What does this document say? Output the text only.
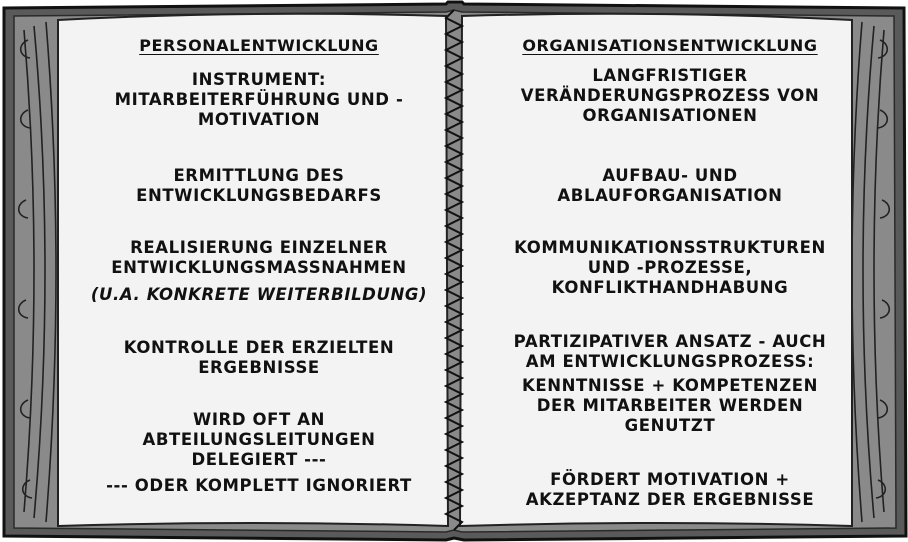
PERSONALENTWICKLUNG
INSTRUMENT:
MITARBEITERFÜHRUNG UND -
MOTIVATION
ERMITTLUNG DES
ENTWICKLUNGSBEDARFS
REALISIERUNG EINZELNER
ENTWICKLUNGSMASSNAHMEN
(U.A. KONKRETE WEITERBILDUNG)
KONTROLLE DER ERZIELTEN
ERGEBNISSE
WIRD OFT AN
ABTEILUNGSLEITUNGEN
DELEGIERT ---
--- ODER KOMPLETT IGNORIERT
ORGANISATIONSENTWICKLUNG
LANGFRISTIGER
VERÄNDERUNGSPROZESS VON
ORGANISATIONEN
AUFBAU- UND
ABLAUFORGANISATION
KOMMUNIKATIONSSTRUKTUREN
UND -PROZESSE,
KONFLIKTHANDHABUNG
PARTIZIPATIVER ANSATZ - AUCH
AM ENTWICKLUNGSPROZESS:
KENNTNISSE + KOMPETENZEN
DER MITARBEITER WERDEN
GENUTZT
FÖRDERT MOTIVATION +
AKZEPTANZ DER ERGEBNISSE
